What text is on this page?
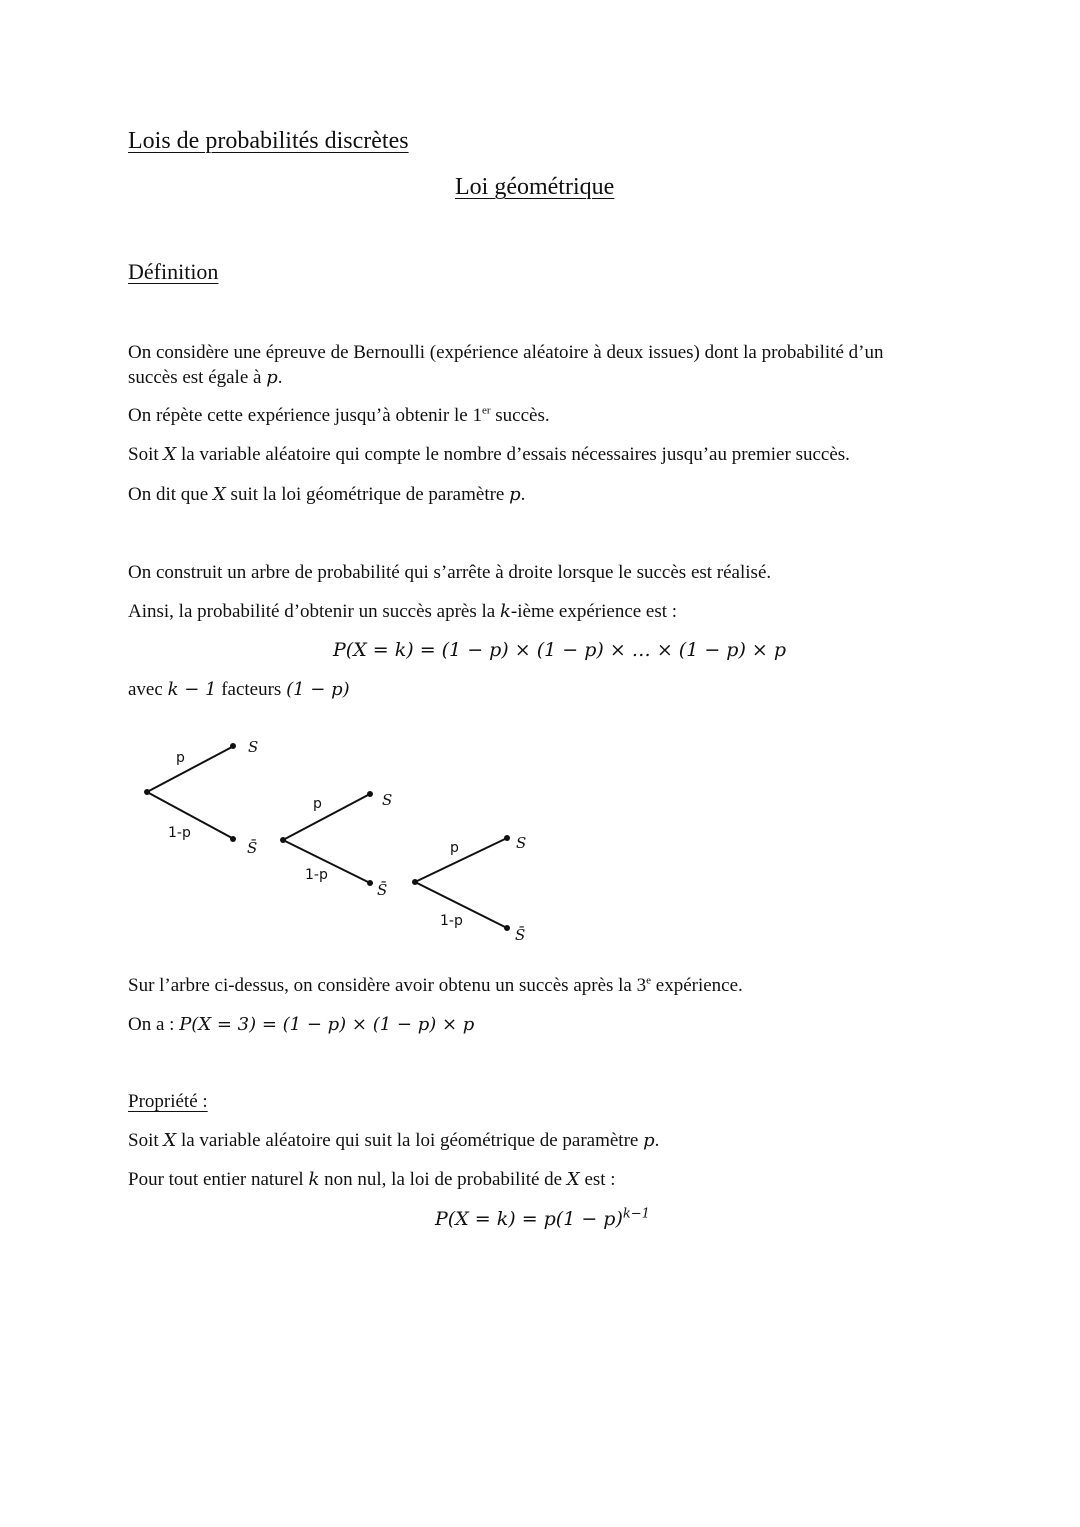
Lois de probabilités discrètes
Loi géométrique
Définition
On considère une épreuve de Bernoulli (expérience aléatoire à deux issues) dont la probabilité d’un
succès est égale à p.
On répète cette expérience jusqu’à obtenir le 1er succès.
Soit X la variable aléatoire qui compte le nombre d’essais nécessaires jusqu’au premier succès.
On dit que X suit la loi géométrique de paramètre p.
On construit un arbre de probabilité qui s’arrête à droite lorsque le succès est réalisé.
Ainsi, la probabilité d’obtenir un succès après la k-ième expérience est :
P(X = k) = (1 − p) × (1 − p) × … × (1 − p) × p
avec k − 1 facteurs (1 − p)
p
1-p
p
1-p
p
1-p
S
S̄
S
S̄
S
S̄
Sur l’arbre ci-dessus, on considère avoir obtenu un succès après la 3e expérience.
On a : P(X = 3) = (1 − p) × (1 − p) × p
Propriété :
Soit X la variable aléatoire qui suit la loi géométrique de paramètre p.
Pour tout entier naturel k non nul, la loi de probabilité de X est :
$P(X = k) = p(1 - p)^{k-1}$
